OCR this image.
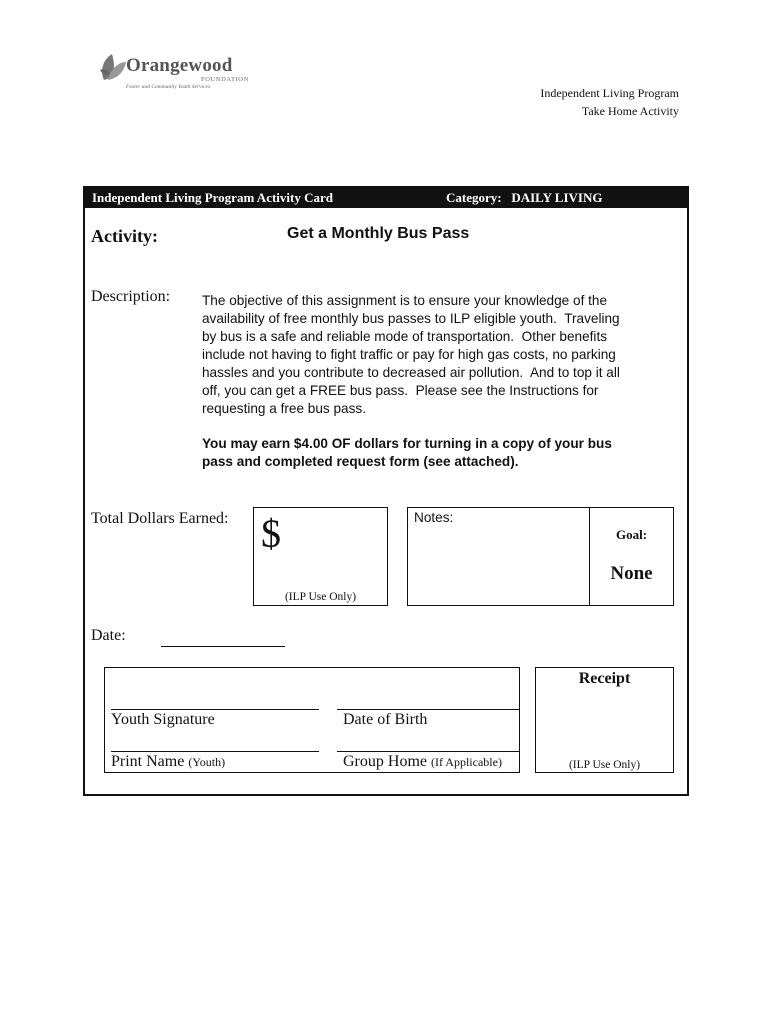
Orangewood
FOUNDATION
Foster and Community Youth Services	Independent Living Program
Take Home Activity
Independent Living Program Activity Card	Category:   DAILY LIVING
Activity:	Get a Monthly Bus Pass
Description: The objective of this assignment is to ensure your knowledge of the
availability of free monthly bus passes to ILP eligible youth.  Traveling
by bus is a safe and reliable mode of transportation.  Other benefits
include not having to fight traffic or pay for high gas costs, no parking
hassles and you contribute to decreased air pollution.  And to top it all
off, you can get a FREE bus pass.  Please see the Instructions for
requesting a free bus pass.
You may earn $4.00 OF dollars for turning in a copy of your bus
pass and completed request form (see attached).
Total Dollars Earned: $
(ILP Use Only)
Notes:
Goal:
None
Date:
Youth Signature	Date of Birth
Print Name (Youth)	Group Home (If Applicable)
Receipt
(ILP Use Only)
